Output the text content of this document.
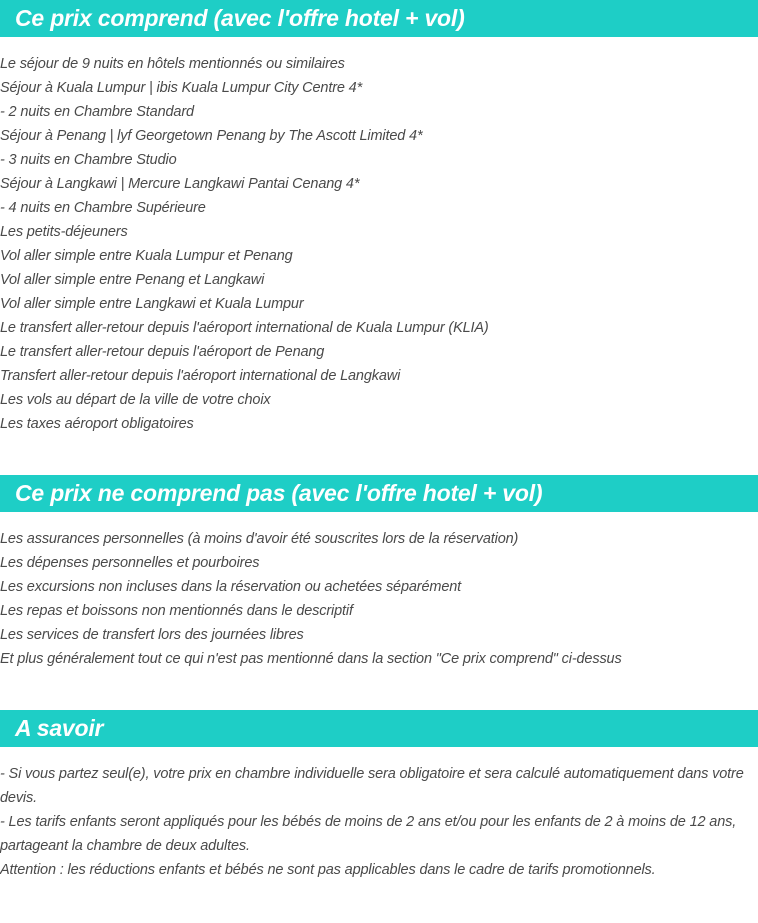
Ce prix comprend (avec l'offre hotel + vol)
Le séjour de 9 nuits en hôtels mentionnés ou similaires
Séjour à Kuala Lumpur | ibis Kuala Lumpur City Centre 4*
- 2 nuits en Chambre Standard
Séjour à Penang | lyf Georgetown Penang by The Ascott Limited 4*
- 3 nuits en Chambre Studio
Séjour à Langkawi | Mercure Langkawi Pantai Cenang 4*
- 4 nuits en Chambre Supérieure
Les petits-déjeuners
Vol aller simple entre Kuala Lumpur et Penang
Vol aller simple entre Penang et Langkawi
Vol aller simple entre Langkawi et Kuala Lumpur
Le transfert aller-retour depuis l'aéroport international de Kuala Lumpur (KLIA)
Le transfert aller-retour depuis l'aéroport de Penang
Transfert aller-retour depuis l'aéroport international de Langkawi
Les vols au départ de la ville de votre choix
Les taxes aéroport obligatoires
Ce prix ne comprend pas (avec l'offre hotel + vol)
Les assurances personnelles (à moins d'avoir été souscrites lors de la réservation)
Les dépenses personnelles et pourboires
Les excursions non incluses dans la réservation ou achetées séparément
Les repas et boissons non mentionnés dans le descriptif
Les services de transfert lors des journées libres
Et plus généralement tout ce qui n'est pas mentionné dans la section "Ce prix comprend" ci-dessus
A savoir
- Si vous partez seul(e), votre prix en chambre individuelle sera obligatoire et sera calculé automatiquement dans votre devis.
- Les tarifs enfants seront appliqués pour les bébés de moins de 2 ans et/ou pour les enfants de 2 à moins de 12 ans, partageant la chambre de deux adultes.
Attention : les réductions enfants et bébés ne sont pas applicables dans le cadre de tarifs promotionnels.
